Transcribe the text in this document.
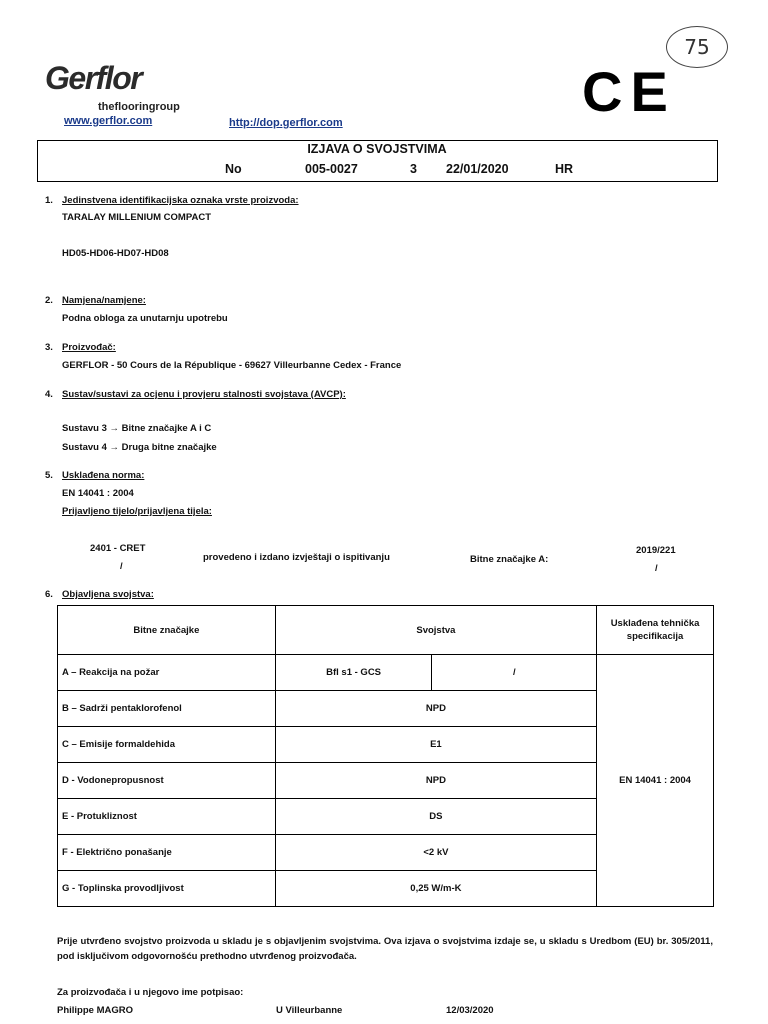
Gerflor
theflooringroup
www.gerflor.com	http://dop.gerflor.com	CE
75
IZJAVA O SVOJSTVIMA
No	005-0027	3 22/01/2020	HR
1. Jedinstvena identifikacijska oznaka vrste proizvoda:
TARALAY MILLENIUM COMPACT
HD05-HD06-HD07-HD08
2. Namjena/namjene:
Podna obloga za unutarnju upotrebu
3. Proizvođač:
GERFLOR - 50 Cours de la République - 69627 Villeurbanne Cedex - France
4. Sustav/sustavi za ocjenu i provjeru stalnosti svojstava (AVCP):
Sustavu 3 → Bitne značajke A i C
Sustavu 4 → Druga bitne značajke
5. Usklađena norma:
EN 14041 : 2004
Prijavljeno tijelo/prijavljena tijela:
2401 - CRET
/
provedeno i izdano izvještaji o ispitivanju	Bitne značajke A:
2019/221
/
6. Objavljena svojstva:
Bitne značajke	Svojstva		Usklađena tehnička specifikacija
A – Reakcija na požar	Bfl s1 - GCS	/	EN 14041 : 2004
B – Sadrži pentaklorofenol	NPD		
C – Emisije formaldehida	E1		
D - Vodonepropusnost	NPD		
E - Protukliznost	DS		
F - Električno ponašanje	<2 kV		
G - Toplinska provodljivost	0,25 W/m-K		
Prije utvrđeno svojstvo proizvoda u skladu je s objavljenim svojstvima. Ova izjava o svojstvima izdaje se, u skladu s Uredbom (EU) br. 305/2011, pod isključivom odgovornošću prethodno utvrđenog proizvođača.
Za proizvođača i u njegovo ime potpisao:
Philippe MAGRO	U Villeurbanne	12/03/2020
